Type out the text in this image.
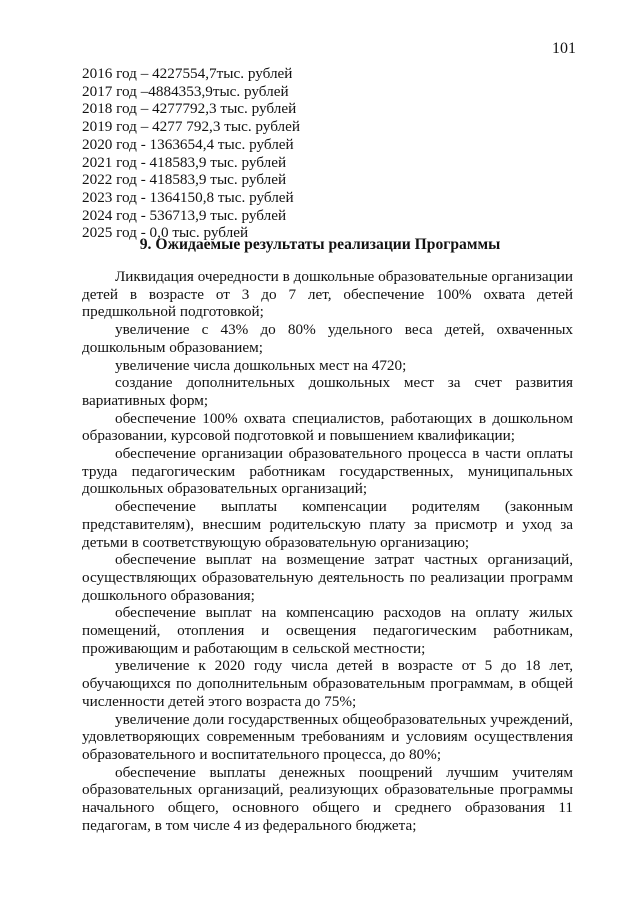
101
2016 год – 4227554,7тыс. рублей
2017 год –4884353,9тыс. рублей
2018 год – 4277792,3 тыс. рублей
2019 год – 4277 792,3 тыс. рублей
2020 год - 1363654,4 тыс. рублей
2021 год - 418583,9 тыс. рублей
2022 год - 418583,9 тыс. рублей
2023 год - 1364150,8 тыс. рублей
2024 год - 536713,9 тыс. рублей
2025 год - 0,0 тыс. рублей
9. Ожидаемые результаты реализации Программы

Ликвидация очередности в дошкольные образовательные организации детей в возрасте от 3 до 7 лет, обеспечение 100% охвата детей предшкольной подготовкой;

увеличение с 43% до 80% удельного веса детей, охваченных дошкольным образованием;

увеличение числа дошкольных мест на 4720;

создание дополнительных дошкольных мест за счет развития вариативных форм;

обеспечение 100% охвата специалистов, работающих в дошкольном образовании, курсовой подготовкой и повышением квалификации;

обеспечение организации образовательного процесса в части оплаты труда педагогическим работникам государственных, муниципальных дошкольных образовательных организаций;

обеспечение выплаты компенсации родителям (законным представителям), внесшим родительскую плату за присмотр и уход за детьми в соответствующую образовательную организацию;

обеспечение выплат на возмещение затрат частных организаций, осуществляющих образовательную деятельность по реализации программ дошкольного образования;

обеспечение выплат на компенсацию расходов на оплату жилых помещений, отопления и освещения педагогическим работникам, проживающим и работающим в сельской местности;

увеличение к 2020 году числа детей в возрасте от 5 до 18 лет, обучающихся по дополнительным образовательным программам, в общей численности детей этого возраста до 75%;

увеличение доли государственных общеобразовательных учреждений, удовлетворяющих современным требованиям и условиям осуществления образовательного и воспитательного процесса, до 80%;

обеспечение выплаты денежных поощрений лучшим учителям образовательных организаций, реализующих образовательные программы начального общего, основного общего и среднего образования 11 педагогам, в том числе 4 из федерального бюджета;
